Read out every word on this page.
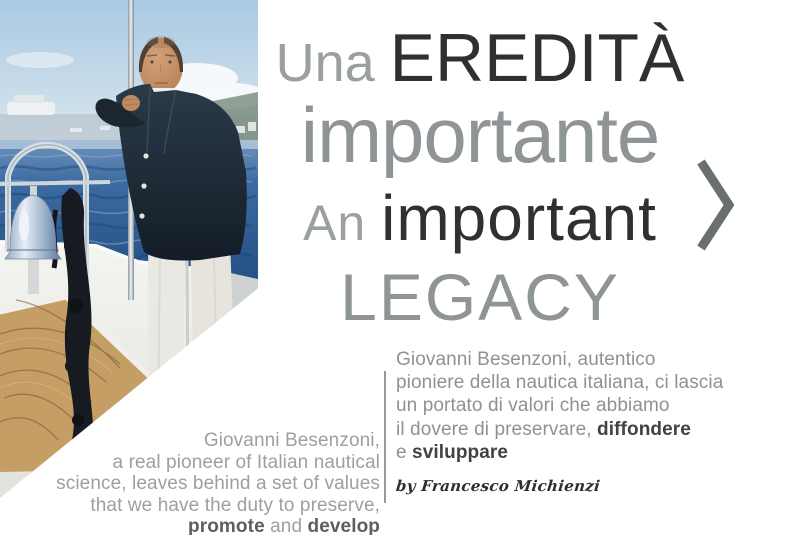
Una EREDITÀ
importante
An important
LEGACY
Giovanni Besenzoni,
a real pioneer of Italian nautical
science, leaves behind a set of values
that we have the duty to preserve,
promote and develop
Giovanni Besenzoni, autentico
pioniere della nautica italiana, ci lascia
un portato di valori che abbiamo
il dovere di preservare, diffondere
e sviluppare
by Francesco Michienzi
